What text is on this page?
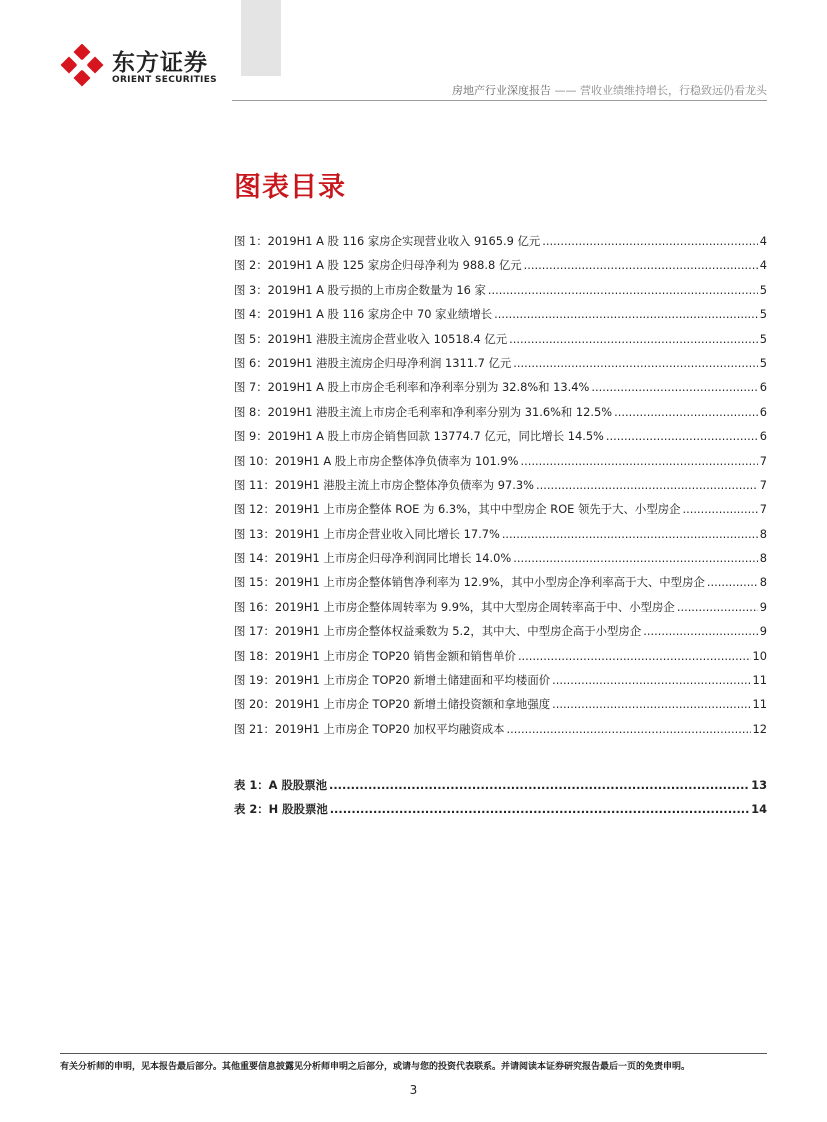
东方证券
ORIENT SECURITIES
房地产行业深度报告 —— 营收业绩维持增长，行稳致远仍看龙头
图表目录
图 1：2019H1 A 股 116 家房企实现营业收入 9165.9 亿元 .....	4
图 2：2019H1 A 股 125 家房企归母净利为 988.8 亿元 .....	4
图 3：2019H1 A 股亏损的上市房企数量为 16 家 .....	5
图 4：2019H1 A 股 116 家房企中 70 家业绩增长 .....	5
图 5：2019H1 港股主流房企营业收入 10518.4 亿元 .....	5
图 6：2019H1 港股主流房企归母净利润 1311.7 亿元 .....	5
图 7：2019H1 A 股上市房企毛利率和净利率分别为 32.8%和 13.4% .....	6
图 8：2019H1 港股主流上市房企毛利率和净利率分别为 31.6%和 12.5% .....	6
图 9：2019H1 A 股上市房企销售回款 13774.7 亿元，同比增长 14.5% .....	6
图 10：2019H1 A 股上市房企整体净负债率为 101.9% .....	7
图 11：2019H1 港股主流上市房企整体净负债率为 97.3% .....	7
图 12：2019H1 上市房企整体 ROE 为 6.3%，其中中型房企 ROE 领先于大、小型房企 .....	7
图 13：2019H1 上市房企营业收入同比增长 17.7% .....	8
图 14：2019H1 上市房企归母净利润同比增长 14.0% .....	8
图 15：2019H1 上市房企整体销售净利率为 12.9%，其中小型房企净利率高于大、中型房企 .....	8
图 16：2019H1 上市房企整体周转率为 9.9%，其中大型房企周转率高于中、小型房企 .....	9
图 17：2019H1 上市房企整体权益乘数为 5.2，其中大、中型房企高于小型房企 .....	9
图 18：2019H1 上市房企 TOP20 销售金额和销售单价 .....	10
图 19：2019H1 上市房企 TOP20 新增土储建面和平均楼面价 .....	11
图 20：2019H1 上市房企 TOP20 新增土储投资额和拿地强度 .....	11
图 21：2019H1 上市房企 TOP20 加权平均融资成本 .....	12
表 1：A 股股票池 .....	13
表 2：H 股股票池 .....	14
有关分析师的申明，见本报告最后部分。其他重要信息披露见分析师申明之后部分，或请与您的投资代表联系。并请阅读本证券研究报告最后一页的免责申明。
3
